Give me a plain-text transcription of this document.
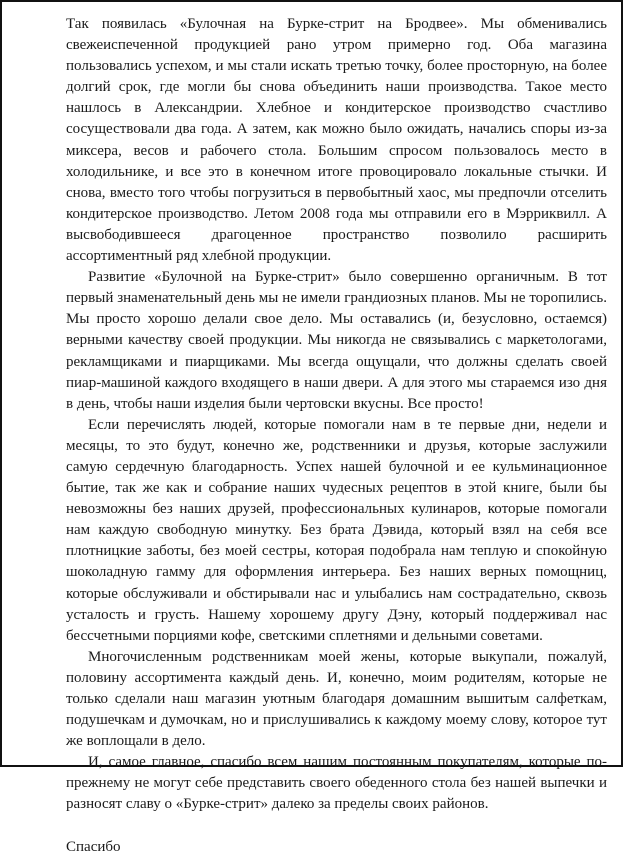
Так появилась «Булочная на Бурке-стрит на Бродвее». Мы обменивались свежеиспеченной продукцией рано утром примерно год. Оба магазина пользовались успехом, и мы стали искать третью точку, более просторную, на более долгий срок, где могли бы снова объединить наши производства. Такое место нашлось в Александрии. Хлебное и кондитерское производство счастливо сосуществовали два года. А затем, как можно было ожидать, начались споры из-за миксера, весов и рабочего стола. Большим спросом пользовалось место в холодильнике, и все это в конечном итоге провоцировало локальные стычки. И снова, вместо того чтобы погрузиться в первобытный хаос, мы предпочли отселить кондитерское производство. Летом 2008 года мы отправили его в Мэрриквилл. А высвободившееся драгоценное пространство позволило расширить ассортиментный ряд хлебной продукции.

Развитие «Булочной на Бурке-стрит» было совершенно органичным. В тот первый знаменательный день мы не имели грандиозных планов. Мы не торопились. Мы просто хорошо делали свое дело. Мы оставались (и, безусловно, остаемся) верными качеству своей продукции. Мы никогда не связывались с маркетологами, рекламщиками и пиарщиками. Мы всегда ощущали, что должны сделать своей пиар-машиной каждого входящего в наши двери. А для этого мы стараемся изо дня в день, чтобы наши изделия были чертовски вкусны. Все просто!

Если перечислять людей, которые помогали нам в те первые дни, недели и месяцы, то это будут, конечно же, родственники и друзья, которые заслужили самую сердечную благодарность. Успех нашей булочной и ее кульминационное бытие, так же как и собрание наших чудесных рецептов в этой книге, были бы невозможны без наших друзей, профессиональных кулинаров, которые помогали нам каждую свободную минутку. Без брата Дэвида, который взял на себя все плотницкие заботы, без моей сестры, которая подобрала нам теплую и спокойную шоколадную гамму для оформления интерьера. Без наших верных помощниц, которые обслуживали и обстирывали нас и улыбались нам сострадательно, сквозь усталость и грусть. Нашему хорошему другу Дэну, который поддерживал нас бессчетными порциями кофе, светскими сплетнями и дельными советами.

Многочисленным родственникам моей жены, которые выкупали, пожалуй, половину ассортимента каждый день. И, конечно, моим родителям, которые не только сделали наш магазин уютным благодаря домашним вышитым салфеткам, подушечкам и думочкам, но и прислушивались к каждому моему слову, которое тут же воплощали в дело.

И, самое главное, спасибо всем нашим постоянным покупателям, которые по-прежнему не могут себе представить своего обеденного стола без нашей выпечки и разносят славу о «Бурке-стрит» далеко за пределы своих районов.

Спасибо
